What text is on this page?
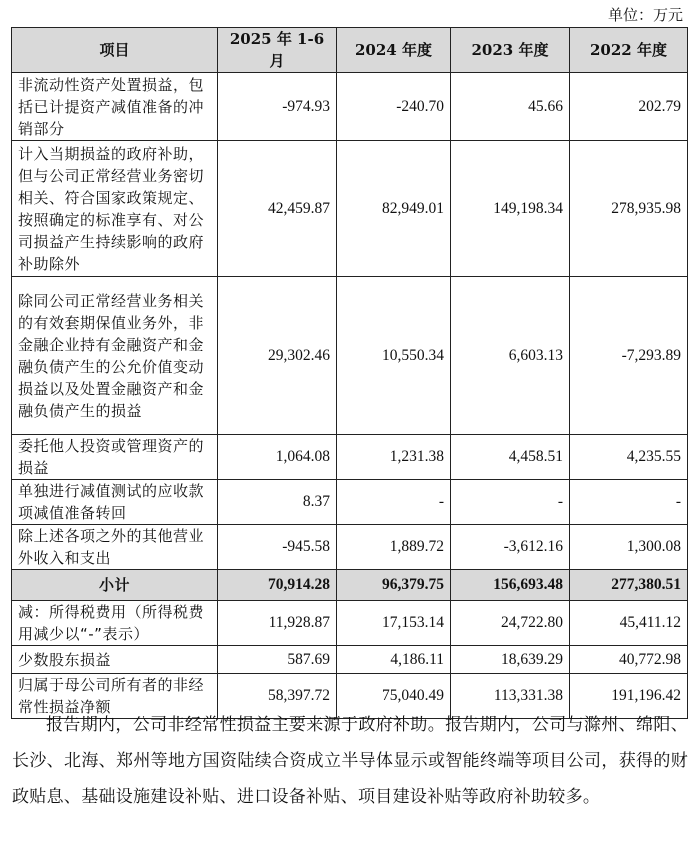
单位：万元
项目	2025 年 1-6 月	2024 年度	2023 年度	2022 年度
非流动性资产处置损益，包括已计提资产减值准备的冲销部分	-974.93	-240.70	45.66	202.79
计入当期损益的政府补助，但与公司正常经营业务密切相关、符合国家政策规定、按照确定的标准享有、对公司损益产生持续影响的政府补助除外	42,459.87	82,949.01	149,198.34	278,935.98
除同公司正常经营业务相关的有效套期保值业务外，非金融企业持有金融资产和金融负债产生的公允价值变动损益以及处置金融资产和金融负债产生的损益	29,302.46	10,550.34	6,603.13	-7,293.89
委托他人投资或管理资产的损益	1,064.08	1,231.38	4,458.51	4,235.55
单独进行减值测试的应收款项减值准备转回	8.37	-	-	-
除上述各项之外的其他营业外收入和支出	-945.58	1,889.72	-3,612.16	1,300.08
小计	70,914.28	96,379.75	156,693.48	277,380.51
减：所得税费用（所得税费用减少以“-”表示）	11,928.87	17,153.14	24,722.80	45,411.12
少数股东损益	587.69	4,186.11	18,639.29	40,772.98
归属于母公司所有者的非经常性损益净额	58,397.72	75,040.49	113,331.38	191,196.42

报告期内，公司非经常性损益主要来源于政府补助。报告期内，公司与滁州、绵阳、长沙、北海、郑州等地方国资陆续合资成立半导体显示或智能终端等项目公司，获得的财政贴息、基础设施建设补贴、进口设备补贴、项目建设补贴等政府补助较多。
